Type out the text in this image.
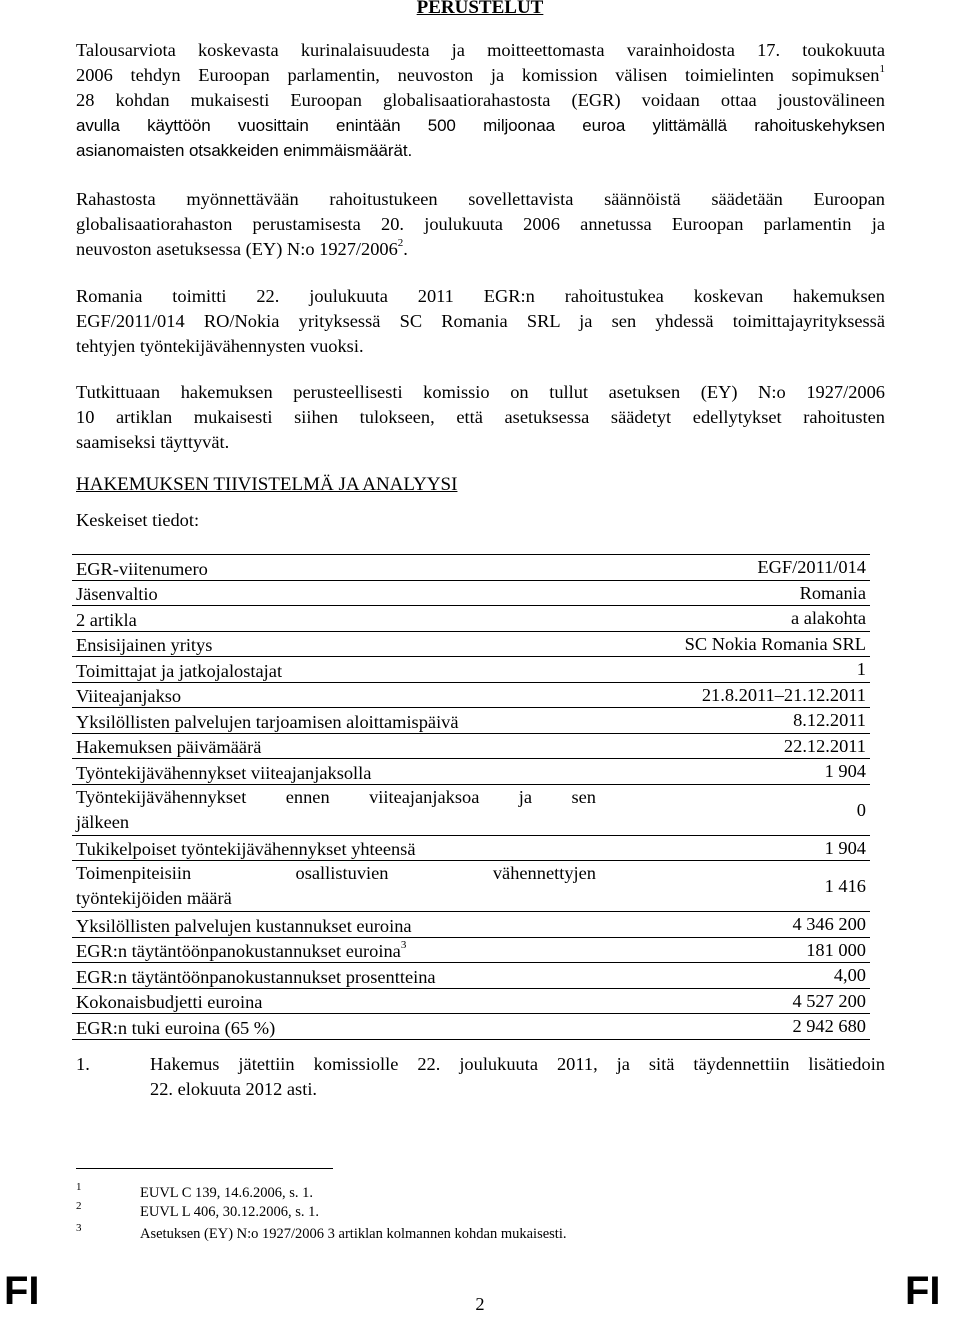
PERUSTELUT
Talousarviota koskevasta kurinalaisuudesta ja moitteettomasta varainhoidosta 17. toukokuuta
2006 tehdyn Euroopan parlamentin, neuvoston ja komission välisen toimielinten sopimuksen$^1$
28 kohdan mukaisesti Euroopan globalisaatiorahastosta (EGR) voidaan ottaa joustovälineen
avulla käyttöön vuosittain enintään 500 miljoonaa euroa ylittämällä rahoituskehyksen
asianomaisten otsakkeiden enimmäismäärät.
Rahastosta myönnettävään rahoitustukeen sovellettavista säännöistä säädetään Euroopan
globalisaatiorahaston perustamisesta 20. joulukuuta 2006 annetussa Euroopan parlamentin ja
neuvoston asetuksessa (EY) N:o 1927/2006$^2$.
Romania toimitti 22. joulukuuta 2011 EGR:n rahoitustukea koskevan hakemuksen
EGF/2011/014 RO/Nokia yrityksessä SC Romania SRL ja sen yhdessä toimittajayrityksessä
tehtyjen työntekijävähennysten vuoksi.
Tutkittuaan hakemuksen perusteellisesti komissio on tullut asetuksen (EY) N:o 1927/2006
10 artiklan mukaisesti siihen tulokseen, että asetuksessa säädetyt edellytykset rahoitusten
saamiseksi täyttyvät.
HAKEMUKSEN TIIVISTELMÄ JA ANALYYSI
Keskeiset tiedot:
EGR-viitenumero	EGF/2011/014
Jäsenvaltio	Romania
2 artikla	a alakohta
Ensisijainen yritys	SC Nokia Romania SRL
Toimittajat ja jatkojalostajat	1
Viiteajanjakso	21.8.2011–21.12.2011
Yksilöllisten palvelujen tarjoamisen aloittamispäivä	8.12.2011
Hakemuksen päivämäärä	22.12.2011
Työntekijävähennykset viiteajanjaksolla	1 904

Työntekijävähennykset ennen viiteajanjaksoa ja sen
jälkeen	0
Tukikelpoiset työntekijävähennykset yhteensä	1 904

Toimenpiteisiin osallistuvien vähennettyjen
työntekijöiden määrä	1 416
Yksilöllisten palvelujen kustannukset euroina	4 346 200
EGR:n täytäntöönpanokustannukset euroina$^3$	181 000
EGR:n täytäntöönpanokustannukset prosentteina	4,00
Kokonaisbudjetti euroina	4 527 200
EGR:n tuki euroina (65 %)	2 942 680
1.	Hakemus jätettiin komissiolle 22. joulukuuta 2011, ja sitä täydennettiin lisätiedoin
22. elokuuta 2012 asti.
1	EUVL C 139, 14.6.2006, s. 1.
2	EUVL L 406, 30.12.2006, s. 1.
3	Asetuksen (EY) N:o 1927/2006 3 artiklan kolmannen kohdan mukaisesti.
FI	2	FI
